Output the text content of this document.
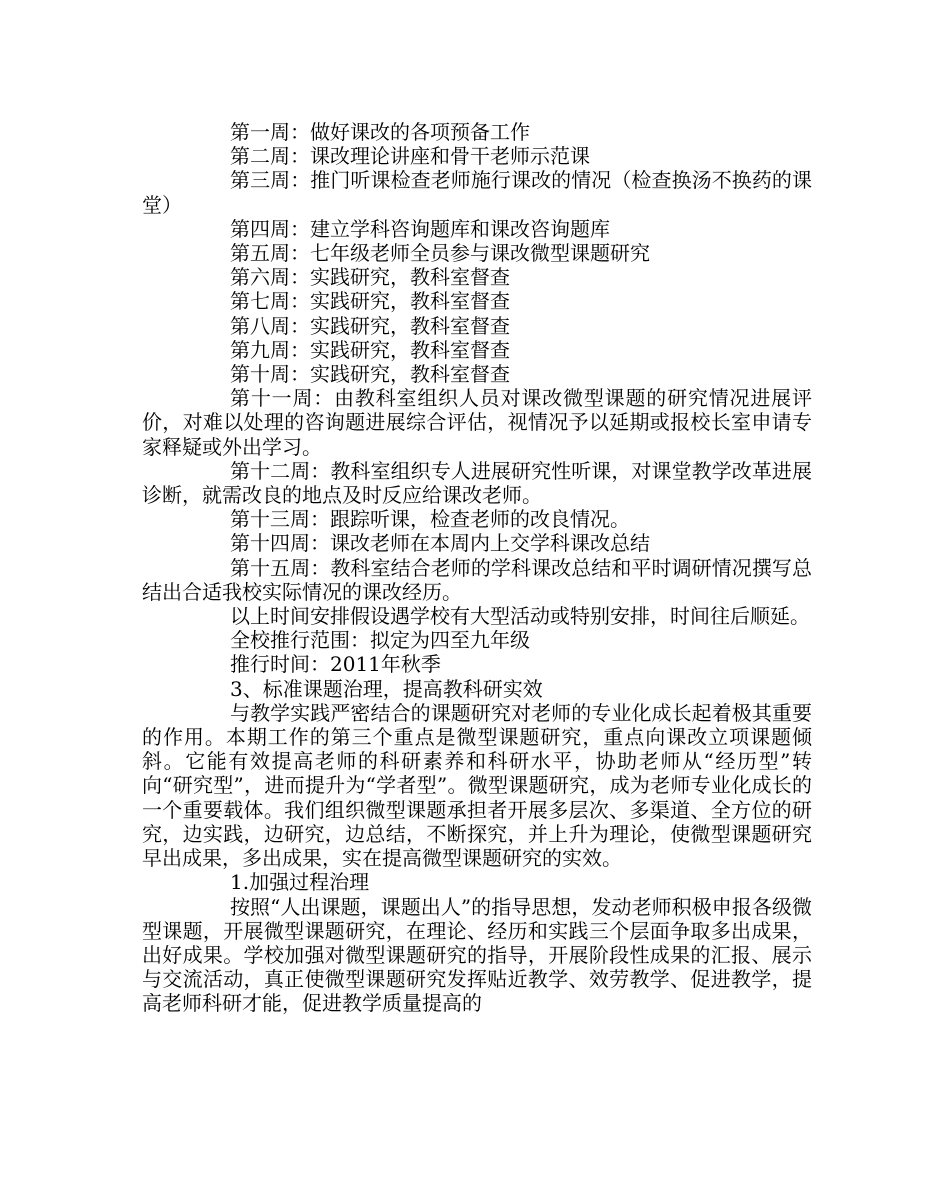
第一周：做好课改的各项预备工作

第二周：课改理论讲座和骨干老师示范课

第三周：推门听课检查老师施行课改的情况（检查换汤不换药的课堂）

第四周：建立学科咨询题库和课改咨询题库

第五周：七年级老师全员参与课改微型课题研究

第六周：实践研究，教科室督查

第七周：实践研究，教科室督查

第八周：实践研究，教科室督查

第九周：实践研究，教科室督查

第十周：实践研究，教科室督查

第十一周：由教科室组织人员对课改微型课题的研究情况进展评价，对难以处理的咨询题进展综合评估，视情况予以延期或报校长室申请专家释疑或外出学习。

第十二周：教科室组织专人进展研究性听课，对课堂教学改革进展诊断，就需改良的地点及时反应给课改老师。

第十三周：跟踪听课，检查老师的改良情况。

第十四周：课改老师在本周内上交学科课改总结

第十五周：教科室结合老师的学科课改总结和平时调研情况撰写总结出合适我校实际情况的课改经历。

以上时间安排假设遇学校有大型活动或特别安排，时间往后顺延。

全校推行范围：拟定为四至九年级

推行时间：2011年秋季

3、标准课题治理，提高教科研实效

与教学实践严密结合的课题研究对老师的专业化成长起着极其重要的作用。本期工作的第三个重点是微型课题研究，重点向课改立项课题倾斜。它能有效提高老师的科研素养和科研水平，协助老师从“经历型”转向“研究型”，进而提升为“学者型”。微型课题研究，成为老师专业化成长的一个重要载体。我们组织微型课题承担者开展多层次、多渠道、全方位的研究，边实践，边研究，边总结，不断探究，并上升为理论，使微型课题研究早出成果，多出成果，实在提高微型课题研究的实效。

1.加强过程治理

按照“人出课题，课题出人”的指导思想，发动老师积极申报各级微型课题，开展微型课题研究，在理论、经历和实践三个层面争取多出成果，出好成果。学校加强对微型课题研究的指导，开展阶段性成果的汇报、展示与交流活动，真正使微型课题研究发挥贴近教学、效劳教学、促进教学，提高老师科研才能，促进教学质量提高的
